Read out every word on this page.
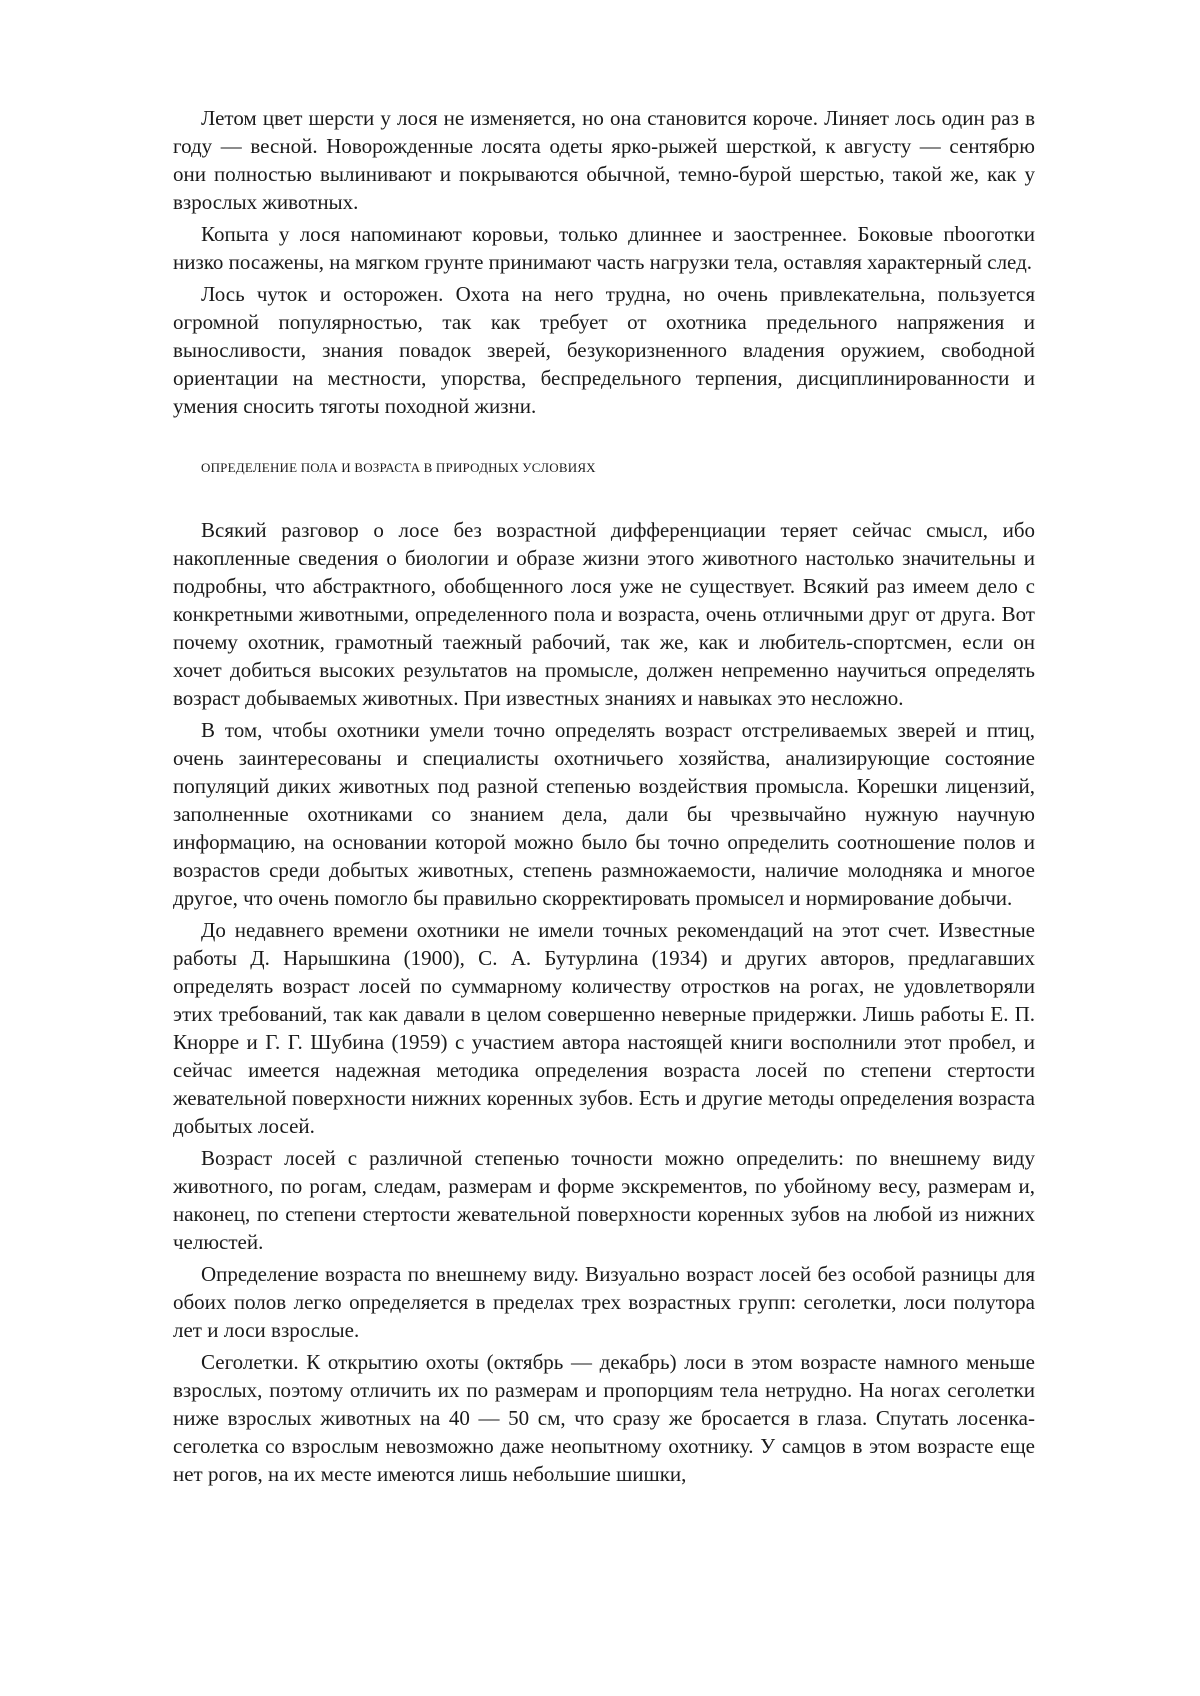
Летом цвет шерсти у лося не изменяется, но она становится короче. Линяет лось один раз в году — весной. Новорожденные лосята одеты ярко-рыжей шерсткой, к августу — сентябрю они полностью вылинивают и покрываются обычной, темно-бурой шерстью, такой же, как у взрослых животных.

Копыта у лося напоминают коровьи, только длиннее и заостреннее. Боковые пbooготки низко посажены, на мягком грунте принимают часть нагрузки тела, оставляя характерный след.

Лось чуток и осторожен. Охота на него трудна, но очень привлекательна, пользуется огромной популярностью, так как требует от охотника предельного напряжения и выносливости, знания повадок зверей, безукоризненного владения оружием, свободной ориентации на местности, упорства, беспредельного терпения, дисциплинированности и умения сносить тяготы походной жизни.

ОПРЕДЕЛЕНИЕ ПОЛА И ВОЗРАСТА В ПРИРОДНЫХ УСЛОВИЯХ

Всякий разговор о лосе без возрастной дифференциации теряет сейчас смысл, ибо накопленные сведения о биологии и образе жизни этого животного настолько значительны и подробны, что абстрактного, обобщенного лося уже не существует. Всякий раз имеем дело с конкретными животными, определенного пола и возраста, очень отличными друг от друга. Вот почему охотник, грамотный таежный рабочий, так же, как и любитель-спортсмен, если он хочет добиться высоких результатов на промысле, должен непременно научиться определять возраст добываемых животных. При известных знаниях и навыках это несложно.

В том, чтобы охотники умели точно определять возраст отстреливаемых зверей и птиц, очень заинтересованы и специалисты охотничьего хозяйства, анализирующие состояние популяций диких животных под разной степенью воздействия промысла. Корешки лицензий, заполненные охотниками со знанием дела, дали бы чрезвычайно нужную научную информацию, на основании которой можно было бы точно определить соотношение полов и возрастов среди добытых животных, степень размножаемости, наличие молодняка и многое другое, что очень помогло бы правильно скорректировать промысел и нормирование добычи.

До недавнего времени охотники не имели точных рекомендаций на этот счет. Известные работы Д. Нарышкина (1900), С. А. Бутурлина (1934) и других авторов, предлагавших определять возраст лосей по суммарному количеству отростков на рогах, не удовлетворяли этих требований, так как давали в целом совершенно неверные придержки. Лишь работы Е. П. Кнорре и Г. Г. Шубина (1959) с участием автора настоящей книги восполнили этот пробел, и сейчас имеется надежная методика определения возраста лосей по степени стертости жевательной поверхности нижних коренных зубов. Есть и другие методы определения возраста добытых лосей.

Возраст лосей с различной степенью точности можно определить: по внешнему виду животного, по рогам, следам, размерам и форме экскрементов, по убойному весу, размерам и, наконец, по степени стертости жевательной поверхности коренных зубов на любой из нижних челюстей.

Определение возраста по внешнему виду. Визуально возраст лосей без особой разницы для обоих полов легко определяется в пределах трех возрастных групп: сеголетки, лоси полутора лет и лоси взрослые.

Сеголетки. К открытию охоты (октябрь — декабрь) лоси в этом возрасте намного меньше взрослых, поэтому отличить их по размерам и пропорциям тела нетрудно. На ногах сеголетки ниже взрослых животных на 40 — 50 см, что сразу же бросается в глаза. Спутать лосенка-сеголетка со взрослым невозможно даже неопытному охотнику. У самцов в этом возрасте еще нет рогов, на их месте имеются лишь небольшие шишки,
